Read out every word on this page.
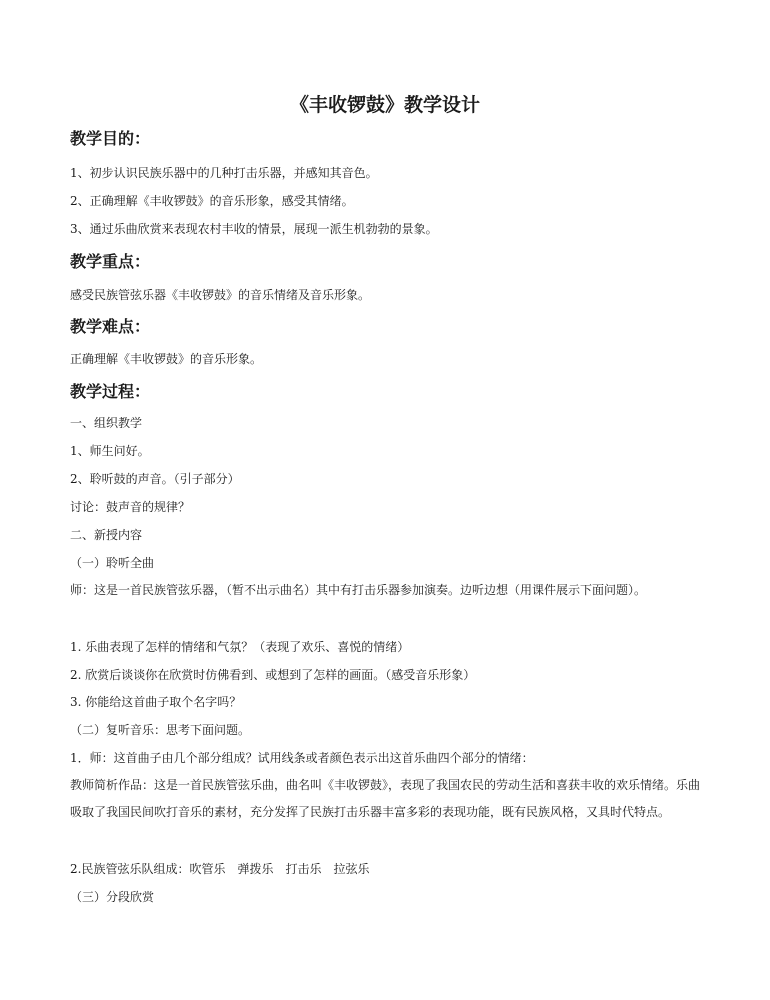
《丰收锣鼓》教学设计
教学目的：
1、初步认识民族乐器中的几种打击乐器，并感知其音色。
2、正确理解《丰收锣鼓》的音乐形象，感受其情绪。
3、通过乐曲欣赏来表现农村丰收的情景，展现一派生机勃勃的景象。
教学重点：
感受民族管弦乐器《丰收锣鼓》的音乐情绪及音乐形象。
教学难点：
正确理解《丰收锣鼓》的音乐形象。
教学过程：
一、组织教学
1、师生问好。
2、聆听鼓的声音。（引子部分）
讨论：鼓声音的规律？
二、新授内容
（一）聆听全曲
师：这是一首民族管弦乐器，（暂不出示曲名）其中有打击乐器参加演奏。边听边想（用课件展示下面问题）。
1. 乐曲表现了怎样的情绪和气氛？（表现了欢乐、喜悦的情绪）
2. 欣赏后谈谈你在欣赏时仿佛看到、或想到了怎样的画面。（感受音乐形象）
3. 你能给这首曲子取个名字吗？
（二）复听音乐：思考下面问题。
1．师：这首曲子由几个部分组成？试用线条或者颜色表示出这首乐曲四个部分的情绪：
教师简析作品：这是一首民族管弦乐曲，曲名叫《丰收锣鼓》，表现了我国农民的劳动生活和喜获丰收的欢乐情绪。乐曲吸取了我国民间吹打音乐的素材，充分发挥了民族打击乐器丰富多彩的表现功能，既有民族风格，又具时代特点。
2.民族管弦乐队组成：吹管乐　弹拨乐　打击乐　拉弦乐
（三）分段欣赏
